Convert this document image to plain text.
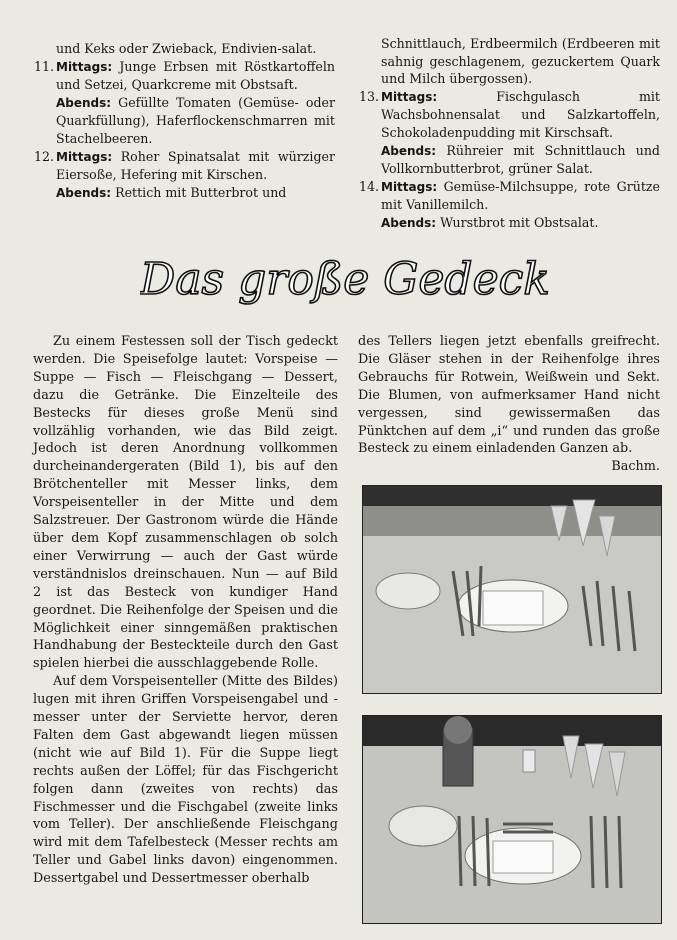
und Keks oder Zwieback, Endivien-salat.

11. Mittags: Junge Erbsen mit Röstkartoffeln und Setzei, Quarkcreme mit Obstsaft.

Abends: Gefüllte Tomaten (Gemüse- oder Quarkfüllung), Haferflockenschmarren mit Stachelbeeren.

12. Mittags: Roher Spinatsalat mit würziger Eiersoße, Hefering mit Kirschen.

Abends: Rettich mit Butterbrot und

Schnittlauch, Erdbeermilch (Erdbeeren mit sahnig geschlagenem, gezuckertem Quark und Milch übergossen).

13. Mittags:	Fischgulasch mit Wachsbohnensalat und Salzkartoffeln, Schokoladenpudding mit Kirschsaft.

Abends: Rühreier mit Schnittlauch und Vollkornbutterbrot, grüner Salat.

14. Mittags: Gemüse-Milchsuppe, rote Grütze mit Vanillemilch.

Abends: Wurstbrot mit Obstsalat.

Das große Gedeck

Zu einem Festessen soll der Tisch gedeckt werden. Die Speisefolge lautet: Vorspeise — Suppe — Fisch — Fleischgang — Dessert, dazu die Getränke. Die Einzelteile des Bestecks für dieses große Menü sind vollzählig vorhanden, wie das Bild zeigt. Jedoch ist deren Anordnung vollkommen durcheinandergeraten (Bild 1), bis auf den Brötchenteller mit Messer links, dem Vorspeisenteller in der Mitte und dem Salzstreuer. Der Gastronom würde die Hände über dem Kopf zusammenschlagen ob solch einer Verwirrung — auch der Gast würde verständnislos dreinschauen. Nun — auf Bild 2 ist das Besteck von kundiger Hand geordnet. Die Reihenfolge der Speisen und die Möglichkeit einer sinngemäßen praktischen Handhabung der Besteckteile durch den Gast spielen hierbei die ausschlaggebende Rolle.

Auf dem Vorspeisenteller (Mitte des Bildes) lugen mit ihren Griffen Vorspeisengabel und -messer unter der Serviette hervor, deren Falten dem Gast abgewandt liegen müssen (nicht wie auf Bild 1). Für die Suppe liegt rechts außen der Löffel; für das Fischgericht folgen dann (zweites von rechts) das Fischmesser und die Fischgabel (zweite links vom Teller). Der anschließende Fleischgang wird mit dem Tafelbesteck (Messer rechts am Teller und Gabel links davon) eingenommen. Dessertgabel und Dessertmesser oberhalb

des Tellers liegen jetzt ebenfalls greifrecht. Die Gläser stehen in der Reihenfolge ihres Gebrauchs für Rotwein, Weißwein und Sekt. Die Blumen, von aufmerksamer Hand nicht vergessen, sind gewissermaßen das Pünktchen auf dem „i“ und runden das große Besteck zu einem einladenden Ganzen ab.
Bachm.
